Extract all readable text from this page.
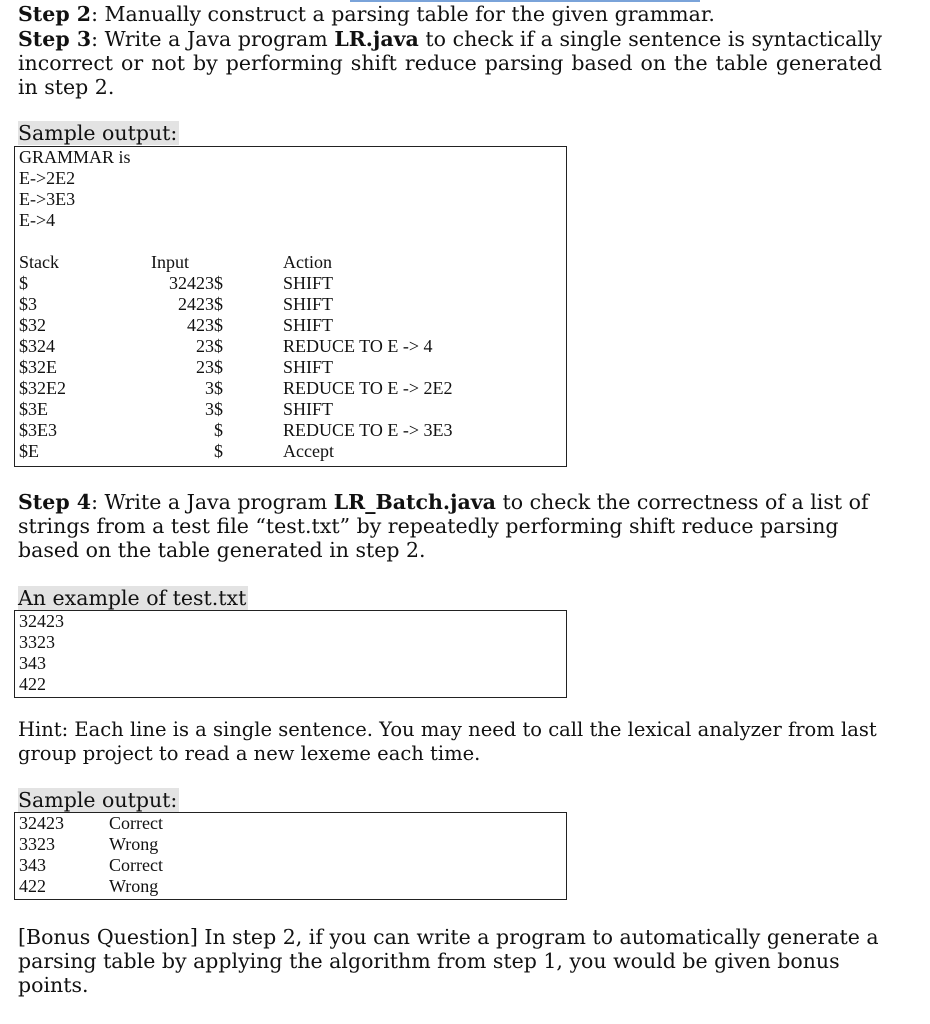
Step 2: Manually construct a parsing table for the given grammar.
Step 3: Write a Java program LR.java to check if a single sentence is syntactically incorrect or not by performing shift reduce parsing based on the table generated in step 2.
Sample output:
GRAMMAR is
E->2E2
E->3E3
E->4
Stack	Input	Action
$	32423$	SHIFT
$3	2423$	SHIFT
$32	423$	SHIFT
$324	23$	REDUCE TO E -> 4
$32E	23$	SHIFT
$32E2	3$	REDUCE TO E -> 2E2
$3E	3$	SHIFT
$3E3	$	REDUCE TO E -> 3E3
$E	$	Accept
Step 4: Write a Java program LR_Batch.java to check the correctness of a list of strings from a test file “test.txt” by repeatedly performing shift reduce parsing based on the table generated in step 2.
An example of test.txt
32423
3323
343
422
Hint: Each line is a single sentence. You may need to call the lexical analyzer from last group project to read a new lexeme each time.
Sample output:
32423	Correct
3323	Wrong
343	Correct
422	Wrong
[Bonus Question] In step 2, if you can write a program to automatically generate a parsing table by applying the algorithm from step 1, you would be given bonus points.
